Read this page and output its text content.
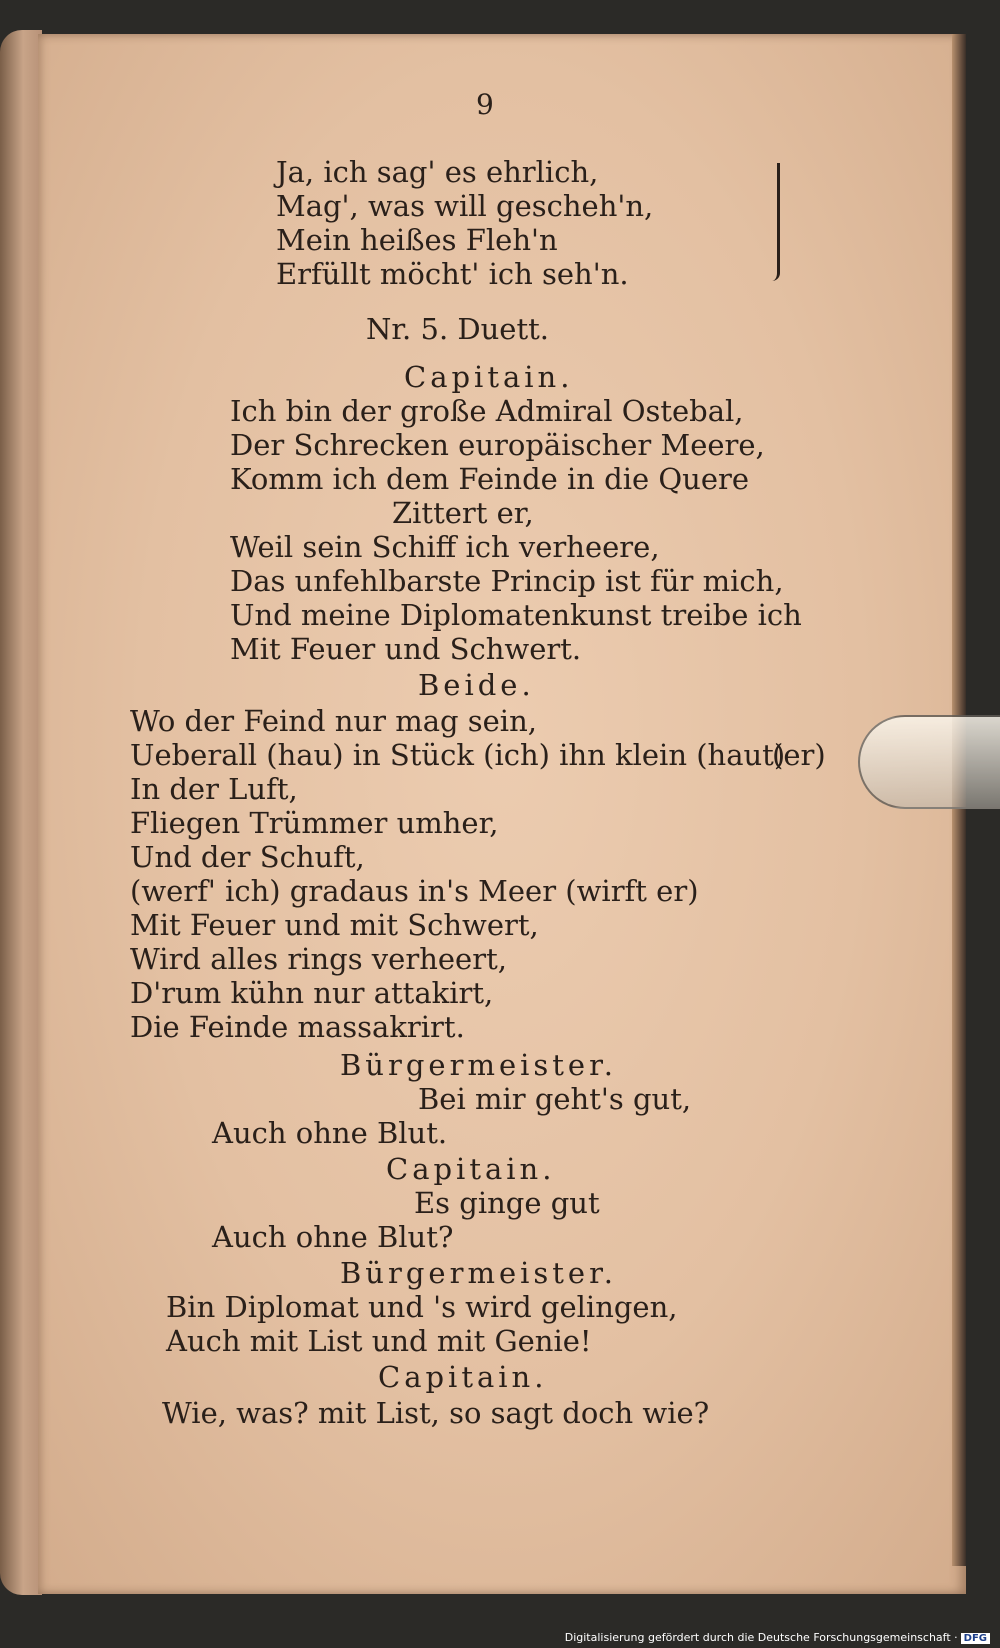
9
Ja, ich sag' es ehrlich,
Mag', was will gescheh'n,
Mein heißes Fleh'n
Erfüllt möcht' ich seh'n.
Nr. 5. Duett.
Capitain.
Ich bin der große Admiral Ostebal,
Der Schrecken europäischer Meere,
Komm ich dem Feinde in die Quere
Zittert er,
Weil sein Schiff ich verheere,
Das unfehlbarste Princip ist für mich,
Und meine Diplomatenkunst treibe ich
Mit Feuer und Schwert.
Beide.
Wo der Feind nur mag sein,
Ueberall (hau) in Stück (ich) ihn klein (haut)
(er)
In der Luft,
Fliegen Trümmer umher,
Und der Schuft,
(werf' ich) gradaus in's Meer (wirft er)
Mit Feuer und mit Schwert,
Wird alles rings verheert,
D'rum kühn nur attakirt,
Die Feinde massakrirt.
Bürgermeister.
Bei mir geht's gut,
Auch ohne Blut.
Capitain.
Es ginge gut
Auch ohne Blut?
Bürgermeister.
Bin Diplomat und 's wird gelingen,
Auch mit List und mit Genie!
Capitain.
Wie, was? mit List, so sagt doch wie?
Digitalisierung gefördert durch die Deutsche Forschungsgemeinschaft · DFG
